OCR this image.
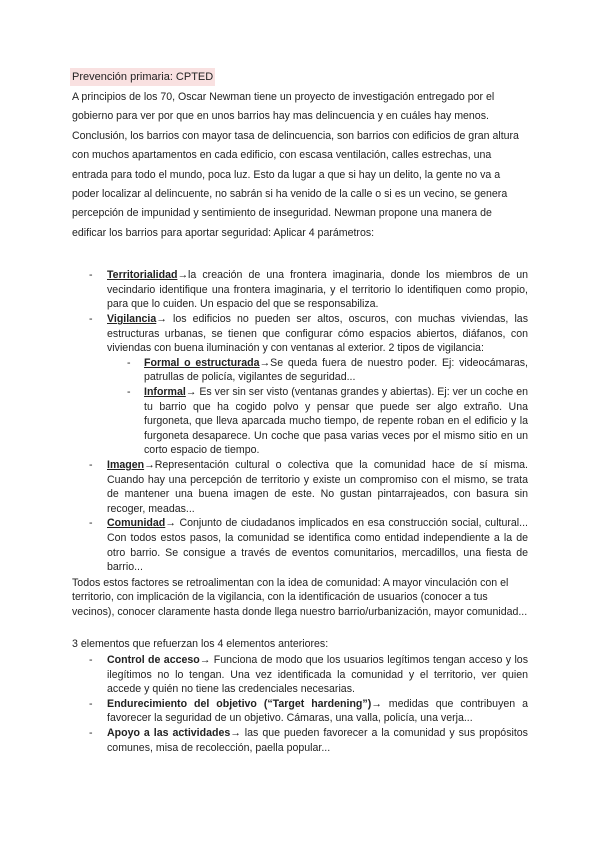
Prevención primaria: CPTED

A principios de los 70, Oscar Newman tiene un proyecto de investigación entregado por el gobierno para ver por que en unos barrios hay mas delincuencia y en cuáles hay menos. Conclusión, los barrios con mayor tasa de delincuencia, son barrios con edificios de gran altura con muchos apartamentos en cada edificio, con escasa ventilación, calles estrechas, una entrada para todo el mundo, poca luz. Esto da lugar a que si hay un delito, la gente no va a poder localizar al delincuente, no sabrán si ha venido de la calle o si es un vecino, se genera percepción de impunidad y sentimiento de inseguridad. Newman propone una manera de edificar los barrios para aportar seguridad: Aplicar 4 parámetros:

- Territorialidad→la creación de una frontera imaginaria, donde los miembros de un vecindario identifique una frontera imaginaria, y el territorio lo identifiquen como propio, para que lo cuiden. Un espacio del que se responsabiliza.
- Vigilancia→ los edificios no pueden ser altos, oscuros, con muchas viviendas, las estructuras urbanas, se tienen que configurar cómo espacios abiertos, diáfanos, con viviendas con buena iluminación y con ventanas al exterior. 2 tipos de vigilancia:
- Formal o estructurada→Se queda fuera de nuestro poder. Ej: videocámaras, patrullas de policía, vigilantes de seguridad...
- Informal→ Es ver sin ser visto (ventanas grandes y abiertas). Ej: ver un coche en tu barrio que ha cogido polvo y pensar que puede ser algo extraño. Una furgoneta, que lleva aparcada mucho tiempo, de repente roban en el edificio y la furgoneta desaparece. Un coche que pasa varias veces por el mismo sitio en un corto espacio de tiempo.
- Imagen→Representación cultural o colectiva que la comunidad hace de sí misma. Cuando hay una percepción de territorio y existe un compromiso con el mismo, se trata de mantener una buena imagen de este. No gustan pintarrajeados, con basura sin recoger, meadas...
- Comunidad→ Conjunto de ciudadanos implicados en esa construcción social, cultural... Con todos estos pasos, la comunidad se identifica como entidad independiente a la de otro barrio. Se consigue a través de eventos comunitarios, mercadillos, una fiesta de barrio...
Todos estos factores se retroalimentan con la idea de comunidad: A mayor vinculación con el territorio, con implicación de la vigilancia, con la identificación de usuarios (conocer a tus vecinos), conocer claramente hasta donde llega nuestro barrio/urbanización, mayor comunidad...
3 elementos que refuerzan los 4 elementos anteriores:
- Control de acceso→ Funciona de modo que los usuarios legítimos tengan acceso y los ilegítimos no lo tengan. Una vez identificada la comunidad y el territorio, ver quien accede y quién no tiene las credenciales necesarias.
- Endurecimiento del objetivo (“Target hardening”)→ medidas que contribuyen a favorecer la seguridad de un objetivo. Cámaras, una valla, policía, una verja...
- Apoyo a las actividades→ las que pueden favorecer a la comunidad y sus propósitos comunes, misa de recolección, paella popular...
